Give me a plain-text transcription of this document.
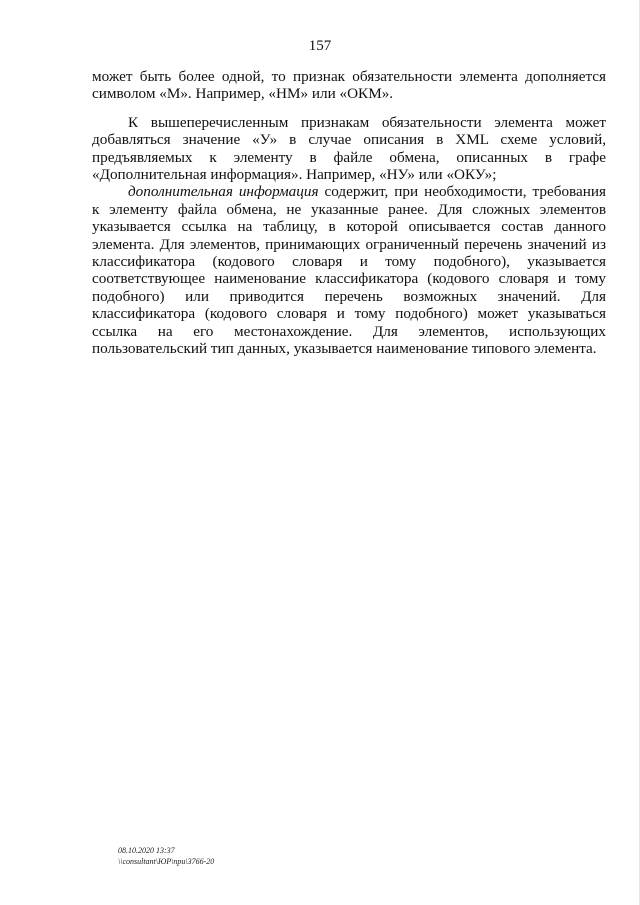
157

может быть более одной, то признак обязательности элемента дополняется символом «М». Например, «НМ» или «ОКМ».

К вышеперечисленным признакам обязательности элемента может добавляться значение «У» в случае описания в XML схеме условий, предъявляемых к элементу в файле обмена, описанных в графе «Дополнительная информация». Например, «НУ» или «ОКУ»;

дополнительная информация содержит, при необходимости, требования к элементу файла обмена, не указанные ранее. Для сложных элементов указывается ссылка на таблицу, в которой описывается состав данного элемента. Для элементов, принимающих ограниченный перечень значений из классификатора (кодового словаря и тому подобного), указывается соответствующее наименование классификатора (кодового словаря и тому подобного) или приводится перечень возможных значений. Для классификатора (кодового словаря и тому подобного) может указываться ссылка на его местонахождение. Для элементов, использующих пользовательский тип данных, указывается наименование типового элемента.

08.10.2020 13:37
\\consultant\ЮР\npu\3766-20
